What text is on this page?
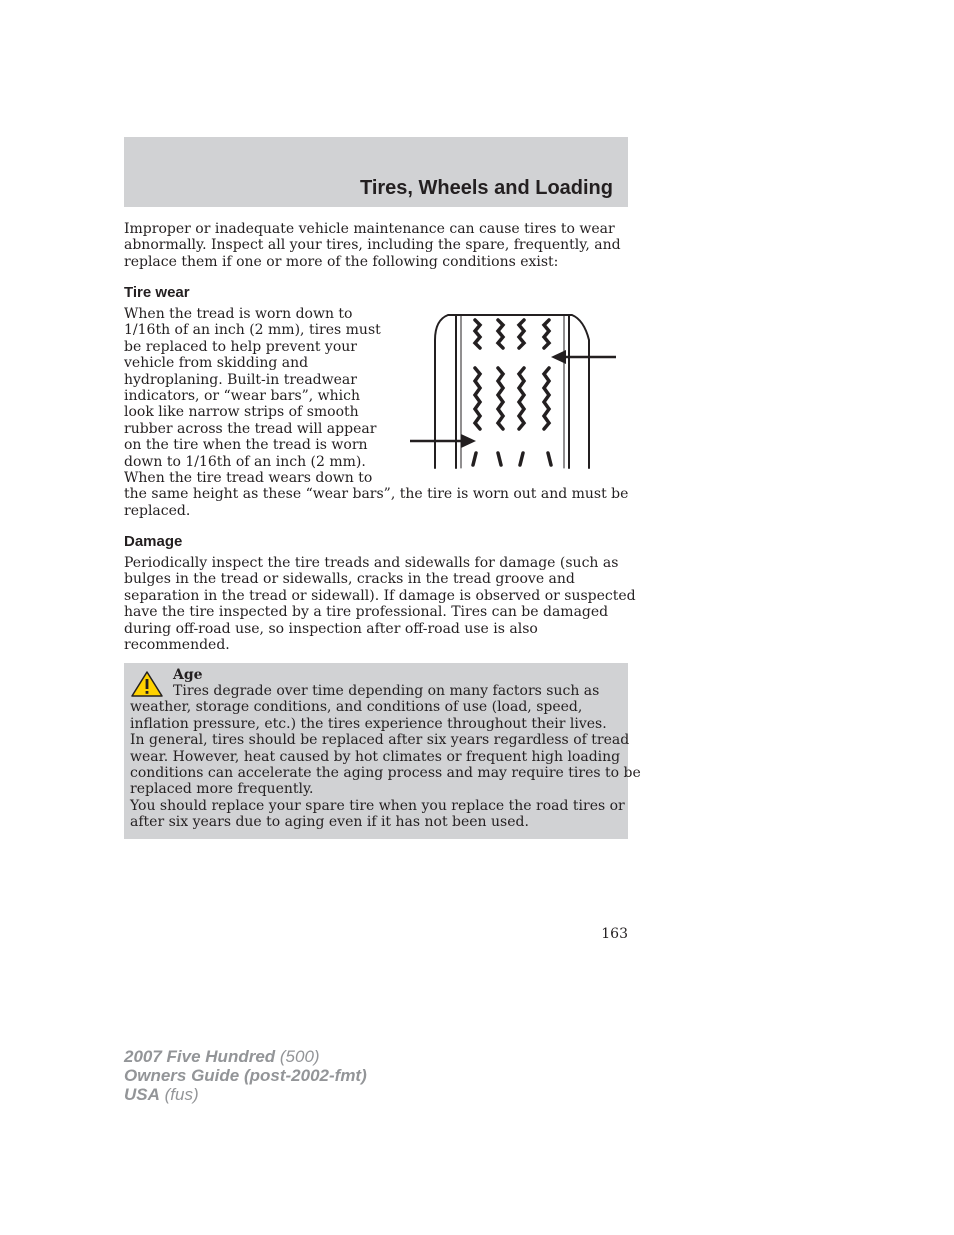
Tires, Wheels and Loading
Improper or inadequate vehicle maintenance can cause tires to wear
abnormally. Inspect all your tires, including the spare, frequently, and
replace them if one or more of the following conditions exist:
Tire wear
When the tread is worn down to
1/16th of an inch (2 mm), tires must
be replaced to help prevent your
vehicle from skidding and
hydroplaning. Built-in treadwear
indicators, or “wear bars”, which
look like narrow strips of smooth
rubber across the tread will appear
on the tire when the tread is worn
down to 1/16th of an inch (2 mm).
When the tire tread wears down to
the same height as these “wear bars”, the tire is worn out and must be
replaced.
Damage
Periodically inspect the tire treads and sidewalls for damage (such as
bulges in the tread or sidewalls, cracks in the tread groove and
separation in the tread or sidewall). If damage is observed or suspected
have the tire inspected by a tire professional. Tires can be damaged
during off-road use, so inspection after off-road use is also
recommended.
Age
Tires degrade over time depending on many factors such as
weather, storage conditions, and conditions of use (load, speed,
inflation pressure, etc.) the tires experience throughout their lives.
In general, tires should be replaced after six years regardless of tread
wear. However, heat caused by hot climates or frequent high loading
conditions can accelerate the aging process and may require tires to be
replaced more frequently.
You should replace your spare tire when you replace the road tires or
after six years due to aging even if it has not been used.

163

2007 Five Hundred (500)
Owners Guide (post-2002-fmt)
USA (fus)
